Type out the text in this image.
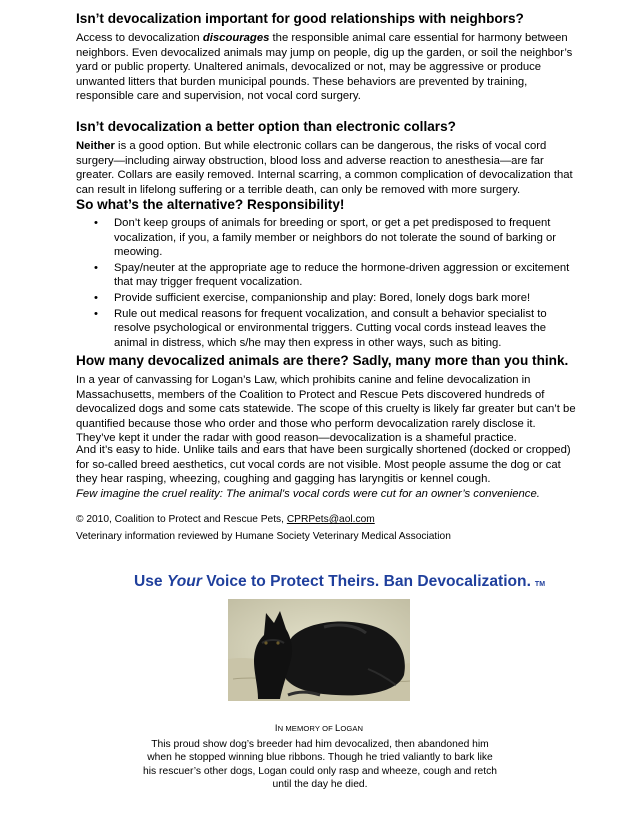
Isn’t devocalization important for good relationships with neighbors?

Access to devocalization discourages the responsible animal care essential for harmony between neighbors. Even devocalized animals may jump on people, dig up the garden, or soil the neighbor’s yard or public property. Unaltered animals, devocalized or not, may be aggressive or produce unwanted litters that burden municipal pounds. These behaviors are prevented by training, responsible care and supervision, not vocal cord surgery.

Isn’t devocalization a better option than electronic collars?

Neither is a good option. But while electronic collars can be dangerous, the risks of vocal cord surgery—including airway obstruction, blood loss and adverse reaction to anesthesia—are far greater. Collars are easily removed. Internal scarring, a common complication of devocalization that can result in lifelong suffering or a terrible death, can only be removed with more surgery.

So what’s the alternative? Responsibility!
• Don’t keep groups of animals for breeding or sport, or get a pet predisposed to frequent vocalization, if you, a family member or neighbors do not tolerate the sound of barking or meowing.
• Spay/neuter at the appropriate age to reduce the hormone-driven aggression or excitement that may trigger frequent vocalization.
• Provide sufficient exercise, companionship and play: Bored, lonely dogs bark more!
• Rule out medical reasons for frequent vocalization, and consult a behavior specialist to resolve psychological or environmental triggers. Cutting vocal cords instead leaves the animal in distress, which s/he may then express in other ways, such as biting.
How many devocalized animals are there? Sadly, many more than you think.

In a year of canvassing for Logan’s Law, which prohibits canine and feline devocalization in Massachusetts, members of the Coalition to Protect and Rescue Pets discovered hundreds of devocalized dogs and some cats statewide. The scope of this cruelty is likely far greater but can’t be quantified because those who order and those who perform devocalization rarely disclose it. They’ve kept it under the radar with good reason—devocalization is a shameful practice.

And it’s easy to hide. Unlike tails and ears that have been surgically shortened (docked or cropped) for so-called breed aesthetics, cut vocal cords are not visible. Most people assume the dog or cat they hear rasping, wheezing, coughing and gagging has laryngitis or kennel cough.

Few imagine the cruel reality: The animal's vocal cords were cut for an owner’s convenience.

© 2010, Coalition to Protect and Rescue Pets, CPRPets@aol.com
Veterinary information reviewed by Humane Society Veterinary Medical Association
Use Your Voice to Protect Theirs. Ban Devocalization. TM
IN MEMORY OF LOGAN
This proud show dog’s breeder had him devocalized, then abandoned him when he stopped winning blue ribbons. Though he tried valiantly to bark like his rescuer’s other dogs, Logan could only rasp and wheeze, cough and retch until the day he died.
